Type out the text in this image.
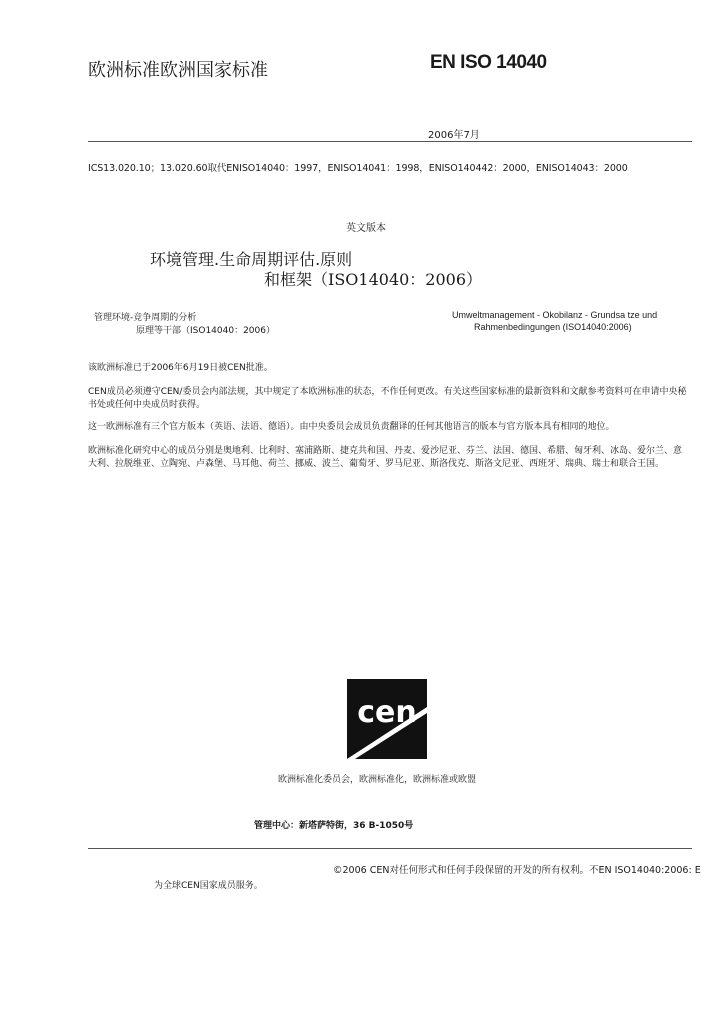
欧洲标准欧洲国家标准	EN ISO 14040
2006年7月
ICS13.020.10；13.020.60取代ENISO14040：1997，ENISO14041：1998，ENISO140442：2000，ENISO14043：2000
英文版本
环境管理.生命周期评估.原则
和框架（ISO14040：2006）
管理环境-竞争周期的分析
原理等干部（ISO14040：2006）
Umweltmanagement - Okobilanz - Grundsa tze und
Rahmenbedingungen (ISO14040:2006)
该欧洲标准已于2006年6月19日被CEN批准。
CEN成员必须遵守CEN/委员会内部法规，其中规定了本欧洲标准的状态，不作任何更改。有关这些国家标准的最新资料和文献参考资料可在申请中央秘书处或任何中央成员时获得。
这一欧洲标准有三个官方版本（英语、法语、德语）。由中央委员会成员负责翻译的任何其他语言的版本与官方版本具有相同的地位。
欧洲标准化研究中心的成员分别是奥地利、比利时、塞浦路斯、捷克共和国、丹麦、爱沙尼亚、芬兰、法国、德国、希腊、匈牙利、冰岛、爱尔兰、意大利、拉脱维亚、立陶宛、卢森堡、马耳他、荷兰、挪威、波兰、葡萄牙、罗马尼亚、斯洛伐克、斯洛文尼亚、西班牙、瑞典、瑞士和联合王国。
cen
欧洲标准化委员会，欧洲标准化，欧洲标准或欧盟
管理中心：新塔萨特街，36 B-1050号
©2006 CEN对任何形式和任何手段保留的开发的所有权利。不EN ISO14040:2006: E
为全球CEN国家成员服务。
